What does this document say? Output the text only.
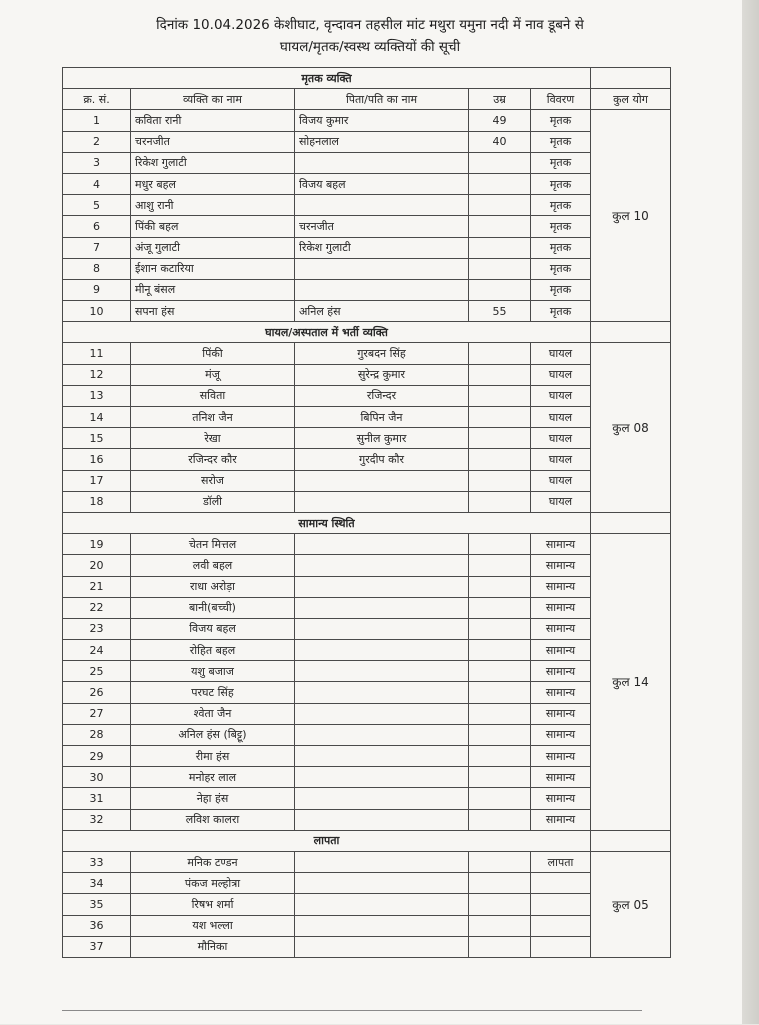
दिनांक 10.04.2026 केशीघाट, वृन्दावन तहसील मांट मथुरा यमुना नदी में नाव डूबने से
घायल/मृतक/स्वस्थ व्यक्तियों की सूची
मृतक व्यक्ति					
क्र. सं.	व्यक्ति का नाम	पिता/पति का नाम	उम्र	विवरण	कुल योग
1	कविता रानी	विजय कुमार	49	मृतक	कुल 10
2	चरनजीत	सोहनलाल	40	मृतक	
3	रिकेश गुलाटी			मृतक	
4	मधुर बहल	विजय बहल		मृतक	
5	आशु रानी			मृतक	
6	पिंकी बहल	चरनजीत		मृतक	
7	अंजू गुलाटी	रिकेश गुलाटी		मृतक	
8	ईशान कटारिया			मृतक	
9	मीनू बंसल			मृतक	
10	सपना हंस	अनिल हंस	55	मृतक	
घायल/अस्पताल में भर्ती व्यक्ति					
11	पिंकी	गुरबदन सिंह		घायल	कुल 08
12	मंजू	सुरेन्द्र कुमार		घायल	
13	सविता	रजिन्दर		घायल	
14	तनिश जैन	बिपिन जैन		घायल	
15	रेखा	सुनील कुमार		घायल	
16	रजिन्दर कौर	गुरदीप कौर		घायल	
17	सरोज			घायल	
18	डॉली			घायल	
सामान्य स्थिति					
19	चेतन मित्तल			सामान्य	कुल 14
20	लवी बहल			सामान्य	
21	राधा अरोड़ा			सामान्य	
22	बानी(बच्ची)			सामान्य	
23	विजय बहल			सामान्य	
24	रोहित बहल			सामान्य	
25	यशु बजाज			सामान्य	
26	परघट सिंह			सामान्य	
27	श्वेता जैन			सामान्य	
28	अनिल हंस (बिट्टू)			सामान्य	
29	रीमा हंस			सामान्य	
30	मनोहर लाल			सामान्य	
31	नेहा हंस			सामान्य	
32	लविश कालरा			सामान्य	
लापता					
33	मनिक टण्डन			लापता	कुल 05
34	पंकज मल्होत्रा				
35	रिषभ शर्मा				
36	यश भल्ला				
37	मौनिका				
